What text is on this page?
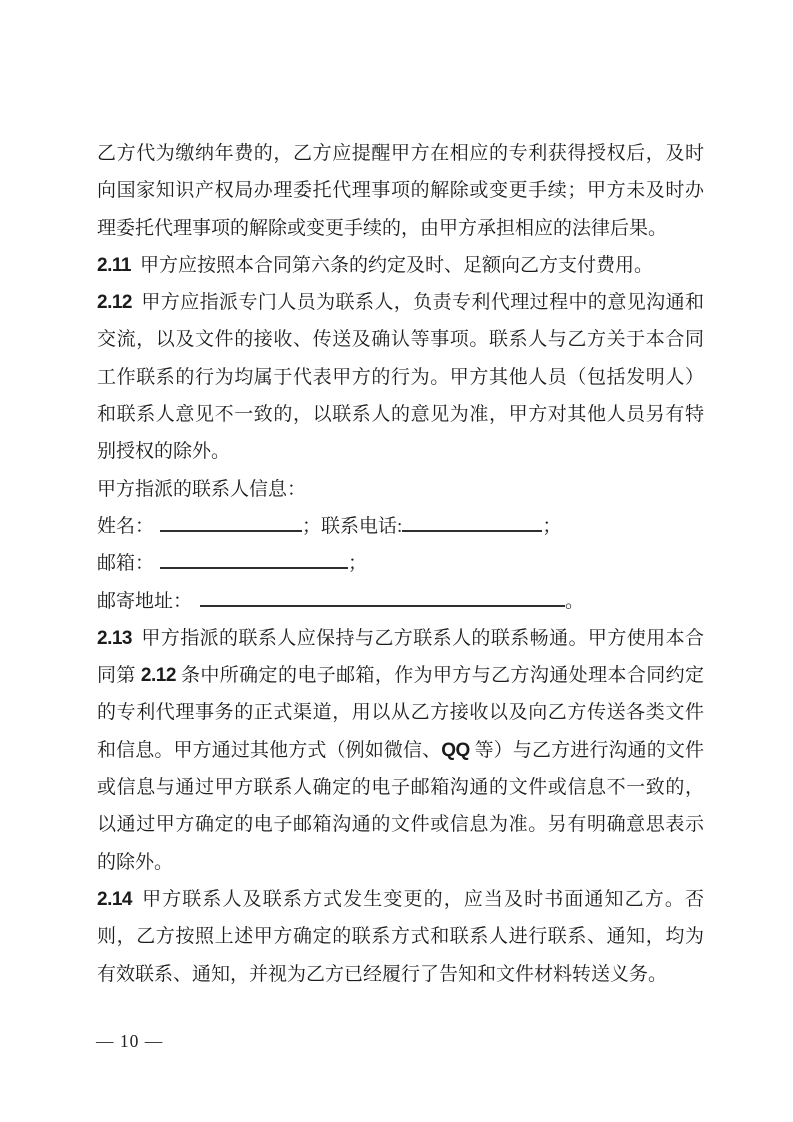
乙方代为缴纳年费的，乙方应提醒甲方在相应的专利获得授权后，及时向国家知识产权局办理委托代理事项的解除或变更手续；甲方未及时办理委托代理事项的解除或变更手续的，由甲方承担相应的法律后果。

2.11 甲方应按照本合同第六条的约定及时、足额向乙方支付费用。

2.12 甲方应指派专门人员为联系人，负责专利代理过程中的意见沟通和交流，以及文件的接收、传送及确认等事项。联系人与乙方关于本合同工作联系的行为均属于代表甲方的行为。甲方其他人员（包括发明人）和联系人意见不一致的，以联系人的意见为准，甲方对其他人员另有特别授权的除外。

甲方指派的联系人信息：

姓名：	；联系电话:	；

邮箱：	；

邮寄地址：	。

2.13 甲方指派的联系人应保持与乙方联系人的联系畅通。甲方使用本合同第 2.12 条中所确定的电子邮箱，作为甲方与乙方沟通处理本合同约定的专利代理事务的正式渠道，用以从乙方接收以及向乙方传送各类文件和信息。甲方通过其他方式（例如微信、QQ 等）与乙方进行沟通的文件或信息与通过甲方联系人确定的电子邮箱沟通的文件或信息不一致的，以通过甲方确定的电子邮箱沟通的文件或信息为准。另有明确意思表示的除外。

2.14 甲方联系人及联系方式发生变更的，应当及时书面通知乙方。否则，乙方按照上述甲方确定的联系方式和联系人进行联系、通知，均为有效联系、通知，并视为乙方已经履行了告知和文件材料转送义务。

— 10 —
